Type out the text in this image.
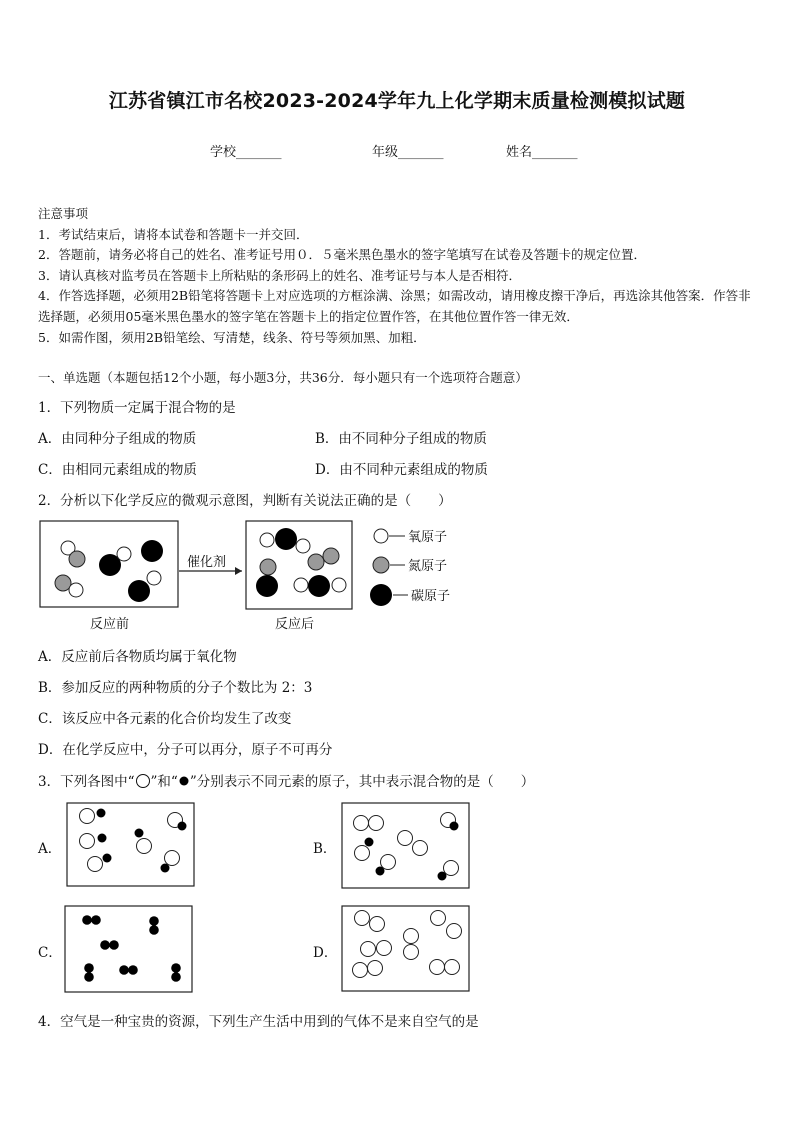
江苏省镇江市名校2023-2024学年九上化学期末质量检测模拟试题
学校_______	年级_______	姓名_______
注意事项
1．考试结束后，请将本试卷和答题卡一并交回．
2．答题前，请务必将自己的姓名、准考证号用０．５毫米黑色墨水的签字笔填写在试卷及答题卡的规定位置．
3．请认真核对监考员在答题卡上所粘贴的条形码上的姓名、准考证号与本人是否相符．
4．作答选择题，必须用2B铅笔将答题卡上对应选项的方框涂满、涂黑；如需改动，请用橡皮擦干净后，再选涂其他答案．作答非选择题，必须用05毫米黑色墨水的签字笔在答题卡上的指定位置作答，在其他位置作答一律无效．
5．如需作图，须用2B铅笔绘、写清楚，线条、符号等须加黑、加粗．
一、单选题（本题包括12个小题，每小题3分，共36分．每小题只有一个选项符合题意）
1．下列物质一定属于混合物的是
A．由同种分子组成的物质	B．由不同种分子组成的物质
C．由相同元素组成的物质	D．由不同种元素组成的物质
2．分析以下化学反应的微观示意图，判断有关说法正确的是（　　）
催化剂
氧原子
氮原子
碳原子
反应前	反应后
A．反应前后各物质均属于氧化物
B．参加反应的两种物质的分子个数比为 2：3
C．该反应中各元素的化合价均发生了改变
D．在化学反应中，分子可以再分，原子不可再分
3．下列各图中“ ”和“ ”分别表示不同元素的原子，其中表示混合物的是（　　）
A．	B．
C．	D．
4．空气是一种宝贵的资源，下列生产生活中用到的气体不是来自空气的是
